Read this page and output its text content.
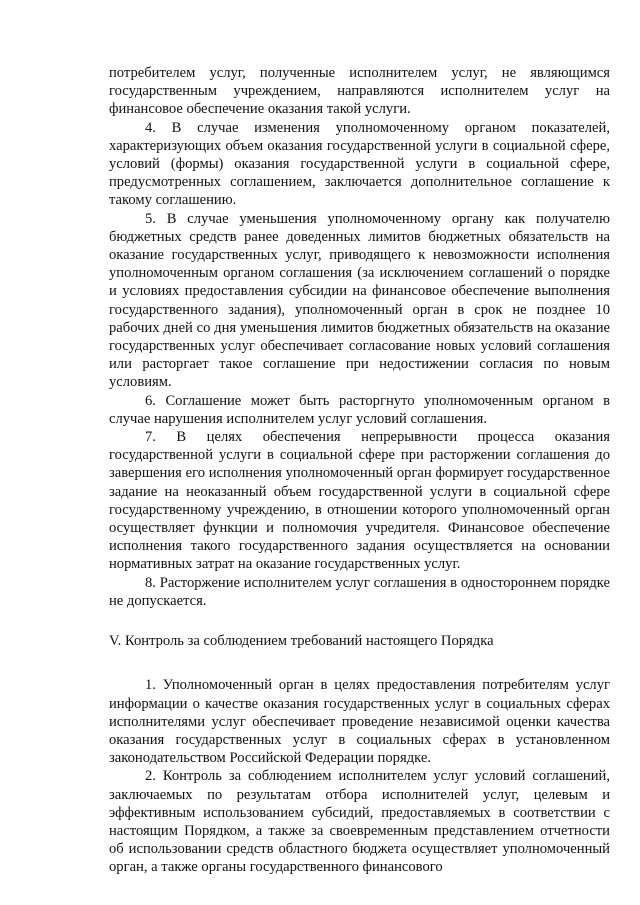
потребителем услуг, полученные исполнителем услуг, не являющимся государственным учреждением, направляются исполнителем услуг на финансовое обеспечение оказания такой услуги.

4. В случае изменения уполномоченному органом показателей, характеризующих объем оказания государственной услуги в социальной сфере, условий (формы) оказания государственной услуги в социальной сфере, предусмотренных соглашением, заключается дополнительное соглашение к такому соглашению.

5. В случае уменьшения уполномоченному органу как получателю бюджетных средств ранее доведенных лимитов бюджетных обязательств на оказание государственных услуг, приводящего к невозможности исполнения уполномоченным органом соглашения (за исключением соглашений о порядке и условиях предоставления субсидии на финансовое обеспечение выполнения государственного задания), уполномоченный орган в срок не позднее 10 рабочих дней со дня уменьшения лимитов бюджетных обязательств на оказание государственных услуг обеспечивает согласование новых условий соглашения или расторгает такое соглашение при недостижении согласия по новым условиям.

6. Соглашение может быть расторгнуто уполномоченным органом в случае нарушения исполнителем услуг условий соглашения.

7. В целях обеспечения непрерывности процесса оказания государственной услуги в социальной сфере при расторжении соглашения до завершения его исполнения уполномоченный орган формирует государственное задание на неоказанный объем государственной услуги в социальной сфере государственному учреждению, в отношении которого уполномоченный орган осуществляет функции и полномочия учредителя. Финансовое обеспечение исполнения такого государственного задания осуществляется на основании нормативных затрат на оказание государственных услуг.

8. Расторжение исполнителем услуг соглашения в одностороннем порядке не допускается.

V. Контроль за соблюдением требований настоящего Порядка

1. Уполномоченный орган в целях предоставления потребителям услуг информации о качестве оказания государственных услуг в социальных сферах исполнителями услуг обеспечивает проведение независимой оценки качества оказания государственных услуг в социальных сферах в установленном законодательством Российской Федерации порядке.

2. Контроль за соблюдением исполнителем услуг условий соглашений, заключаемых по результатам отбора исполнителей услуг, целевым и эффективным использованием субсидий, предоставляемых в соответствии с настоящим Порядком, а также за своевременным представлением отчетности об использовании средств областного бюджета осуществляет уполномоченный орган, а также органы государственного финансового
